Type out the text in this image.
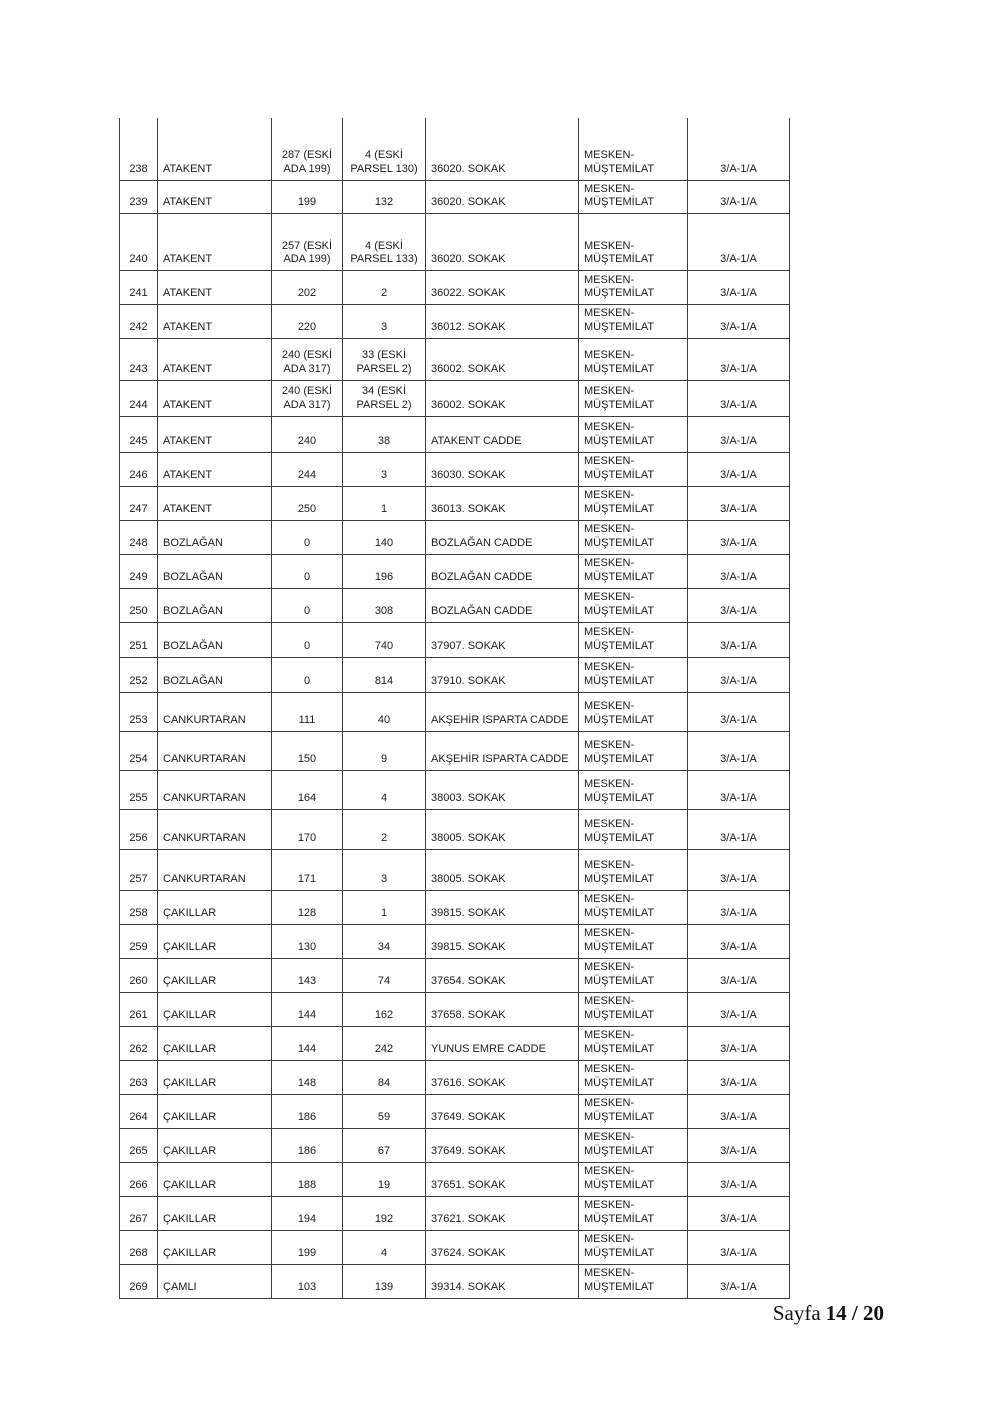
238	ATAKENT	287 (ESKİ ADA 199)	4 (ESKİ PARSEL 130)	36020. SOKAK	MESKEN-MÜŞTEMİLAT	3/A-1/A
239	ATAKENT	199	132	36020. SOKAK	MESKEN-MÜŞTEMİLAT	3/A-1/A
240	ATAKENT	257 (ESKİ ADA 199)	4 (ESKİ PARSEL 133)	36020. SOKAK	MESKEN-MÜŞTEMİLAT	3/A-1/A
241	ATAKENT	202	2	36022. SOKAK	MESKEN-MÜŞTEMİLAT	3/A-1/A
242	ATAKENT	220	3	36012. SOKAK	MESKEN-MÜŞTEMİLAT	3/A-1/A
243	ATAKENT	240 (ESKİ ADA 317)	33 (ESKİ PARSEL 2)	36002. SOKAK	MESKEN-MÜŞTEMİLAT	3/A-1/A
244	ATAKENT	240 (ESKİ ADA 317)	34 (ESKİ PARSEL 2)	36002. SOKAK	MESKEN-MÜŞTEMİLAT	3/A-1/A
245	ATAKENT	240	38	ATAKENT CADDE	MESKEN-MÜŞTEMİLAT	3/A-1/A
246	ATAKENT	244	3	36030. SOKAK	MESKEN-MÜŞTEMİLAT	3/A-1/A
247	ATAKENT	250	1	36013. SOKAK	MESKEN-MÜŞTEMİLAT	3/A-1/A
248	BOZLAĞAN	0	140	BOZLAĞAN CADDE	MESKEN-MÜŞTEMİLAT	3/A-1/A
249	BOZLAĞAN	0	196	BOZLAĞAN CADDE	MESKEN-MÜŞTEMİLAT	3/A-1/A
250	BOZLAĞAN	0	308	BOZLAĞAN CADDE	MESKEN-MÜŞTEMİLAT	3/A-1/A
251	BOZLAĞAN	0	740	37907. SOKAK	MESKEN-MÜŞTEMİLAT	3/A-1/A
252	BOZLAĞAN	0	814	37910. SOKAK	MESKEN-MÜŞTEMİLAT	3/A-1/A
253	CANKURTARAN	111	40	AKŞEHİR ISPARTA CADDE	MESKEN-MÜŞTEMİLAT	3/A-1/A
254	CANKURTARAN	150	9	AKŞEHİR ISPARTA CADDE	MESKEN-MÜŞTEMİLAT	3/A-1/A
255	CANKURTARAN	164	4	38003. SOKAK	MESKEN-MÜŞTEMİLAT	3/A-1/A
256	CANKURTARAN	170	2	38005. SOKAK	MESKEN-MÜŞTEMİLAT	3/A-1/A
257	CANKURTARAN	171	3	38005. SOKAK	MESKEN-MÜŞTEMİLAT	3/A-1/A
258	ÇAKILLAR	128	1	39815. SOKAK	MESKEN-MÜŞTEMİLAT	3/A-1/A
259	ÇAKILLAR	130	34	39815. SOKAK	MESKEN-MÜŞTEMİLAT	3/A-1/A
260	ÇAKILLAR	143	74	37654. SOKAK	MESKEN-MÜŞTEMİLAT	3/A-1/A
261	ÇAKILLAR	144	162	37658. SOKAK	MESKEN-MÜŞTEMİLAT	3/A-1/A
262	ÇAKILLAR	144	242	YUNUS EMRE CADDE	MESKEN-MÜŞTEMİLAT	3/A-1/A
263	ÇAKILLAR	148	84	37616. SOKAK	MESKEN-MÜŞTEMİLAT	3/A-1/A
264	ÇAKILLAR	186	59	37649. SOKAK	MESKEN-MÜŞTEMİLAT	3/A-1/A
265	ÇAKILLAR	186	67	37649. SOKAK	MESKEN-MÜŞTEMİLAT	3/A-1/A
266	ÇAKILLAR	188	19	37651. SOKAK	MESKEN-MÜŞTEMİLAT	3/A-1/A
267	ÇAKILLAR	194	192	37621. SOKAK	MESKEN-MÜŞTEMİLAT	3/A-1/A
268	ÇAKILLAR	199	4	37624. SOKAK	MESKEN-MÜŞTEMİLAT	3/A-1/A
269	ÇAMLI	103	139	39314. SOKAK	MESKEN-MÜŞTEMİLAT	3/A-1/A
Sayfa 14 / 20
